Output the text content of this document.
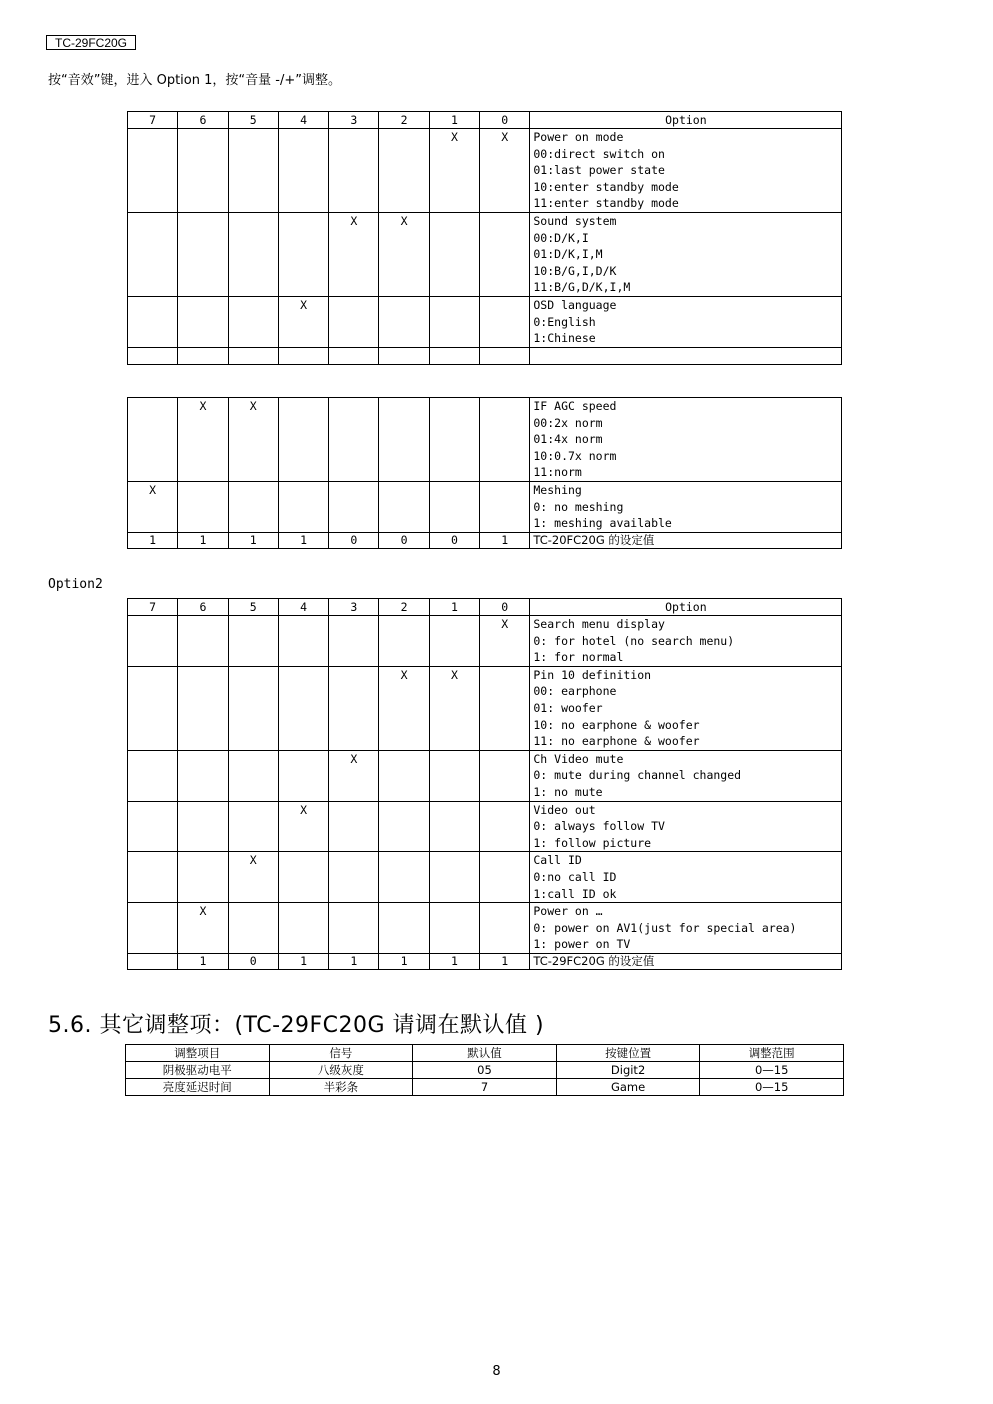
TC-29FC20G
按“音效”键，进入 Option 1，按“音量 -/+”调整。
7	6	5	4	3	2	1	0	Option
						X	X	Power on mode
00:direct switch on
01:last power state
10:enter standby mode
11:enter standby mode

				X	X			Sound system
00:D/K,I
01:D/K,I,M
10:B/G,I,D/K
11:B/G,D/K,I,M

			X					OSD language
0:English
1:Chinese

	X	X						IF AGC speed
00:2x norm
01:4x norm
10:0.7x norm
11:norm

X								Meshing
0: no meshing
1: meshing available

1	1	1	1	0	0	0	1	TC-20FC20G 的设定值
Option2
7	6	5	4	3	2	1	0	Option
							X	Search menu display
0: for hotel (no search menu)
1: for normal

					X	X		Pin 10 definition
00: earphone
01: woofer
10: no earphone & woofer
11: no earphone & woofer

				X				Ch Video mute
0: mute during channel changed
1: no mute

			X					Video out
0: always follow TV
1: follow picture

		X						Call ID
0:no call ID
1:call ID ok

	X							Power on …
0: power on AV1(just for special area)
1: power on TV

	1	0	1	1	1	1	1	TC-29FC20G 的设定值
5.6. 其它调整项：(TC-29FC20G 请调在默认值 )
调整项目	信号	默认值	按键位置	调整范围
阴极驱动电平	八级灰度	05	Digit2	0—15
亮度延迟时间	半彩条	7	Game	0—15
8
